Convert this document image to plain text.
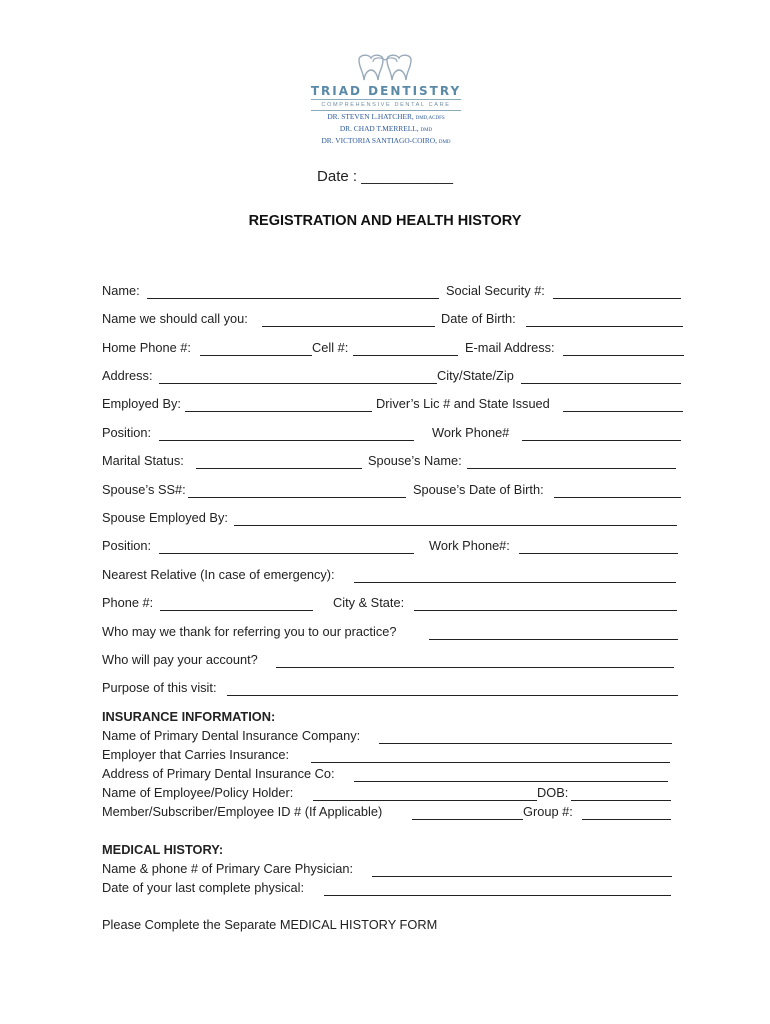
TRIAD DENTISTRY
COMPREHENSIVE DENTAL CARE
DR. STEVEN L.HATCHER, DMD,ACDFS
DR. CHAD T.MERRELL, DMD
DR. VICTORIA SANTIAGO-COIRO, DMD
Date : ___________
REGISTRATION AND HEALTH HISTORY
Name:	Social Security #:
Name we should call you:	Date of Birth:
Home Phone #:	Cell #:	E-mail Address:
Address:	City/State/Zip
Employed By:	Driver’s Lic # and State Issued
Position:	Work Phone#
Marital Status:	Spouse’s Name:
Spouse’s SS#:	Spouse’s Date of Birth:
Spouse Employed By:
Position:	Work Phone#:
Nearest Relative (In case of emergency):
Phone #:	City & State:
Who may we thank for referring you to our practice?
Who will pay your account?
Purpose of this visit:
INSURANCE INFORMATION:
Name of Primary Dental Insurance Company:
Employer that Carries Insurance:
Address of Primary Dental Insurance Co:
Name of Employee/Policy Holder:	DOB:
Member/Subscriber/Employee ID # (If Applicable)	Group #:
MEDICAL HISTORY:
Name & phone # of Primary Care Physician:
Date of your last complete physical:
Please Complete the Separate MEDICAL HISTORY FORM
